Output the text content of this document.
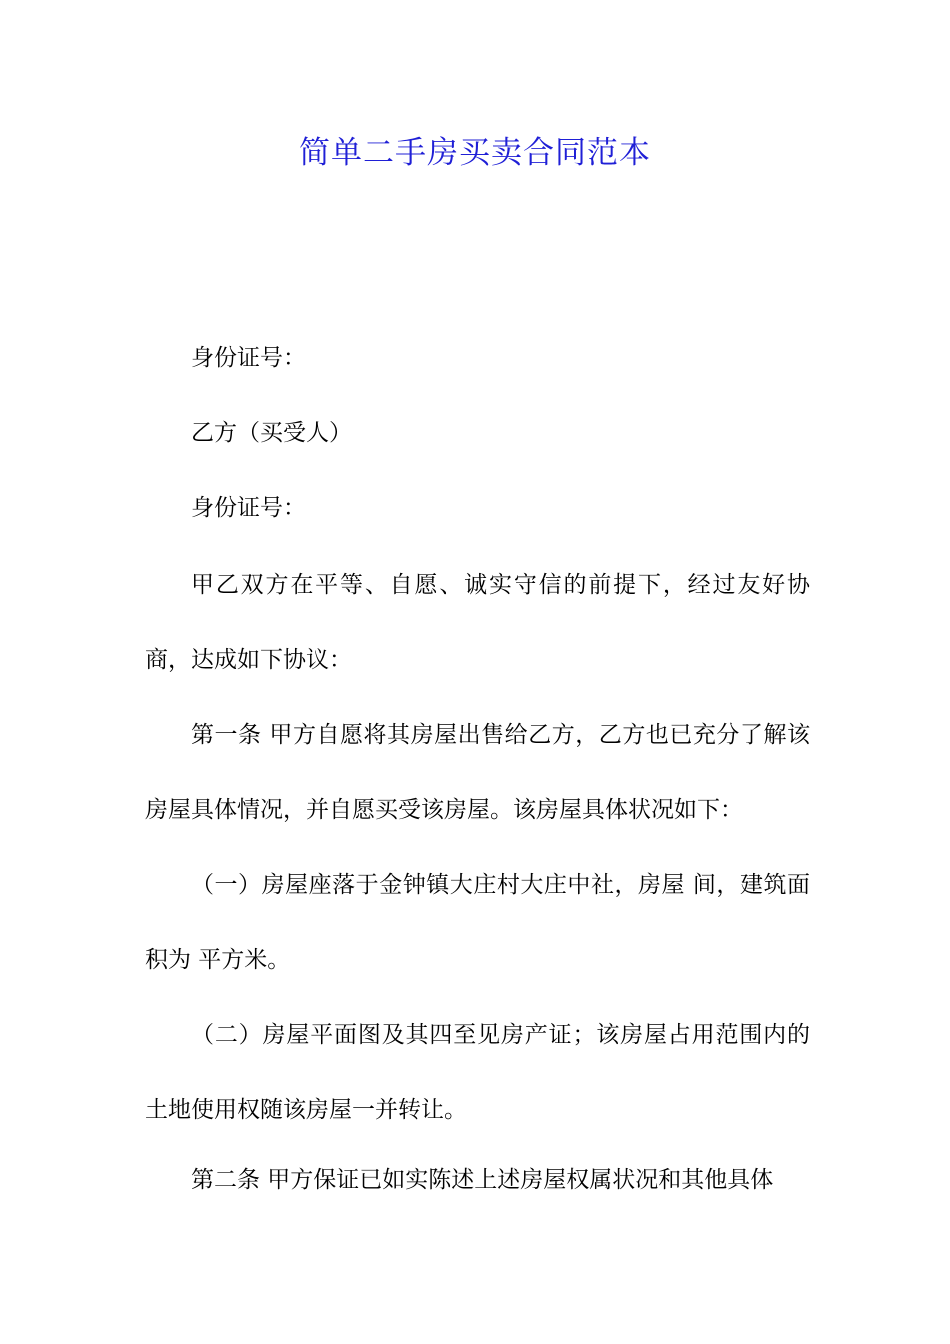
简单二手房买卖合同范本

身份证号：

乙方（买受人）

身份证号：

甲乙双方在平等、自愿、诚实守信的前提下，经过友好协商，达成如下协议：

第一条 甲方自愿将其房屋出售给乙方，乙方也已充分了解该房屋具体情况，并自愿买受该房屋。该房屋具体状况如下：

（一）房屋座落于金钟镇大庄村大庄中社，房屋 间，建筑面积为 平方米。

（二）房屋平面图及其四至见房产证；该房屋占用范围内的土地使用权随该房屋一并转让。

第二条 甲方保证已如实陈述上述房屋权属状况和其他具体
